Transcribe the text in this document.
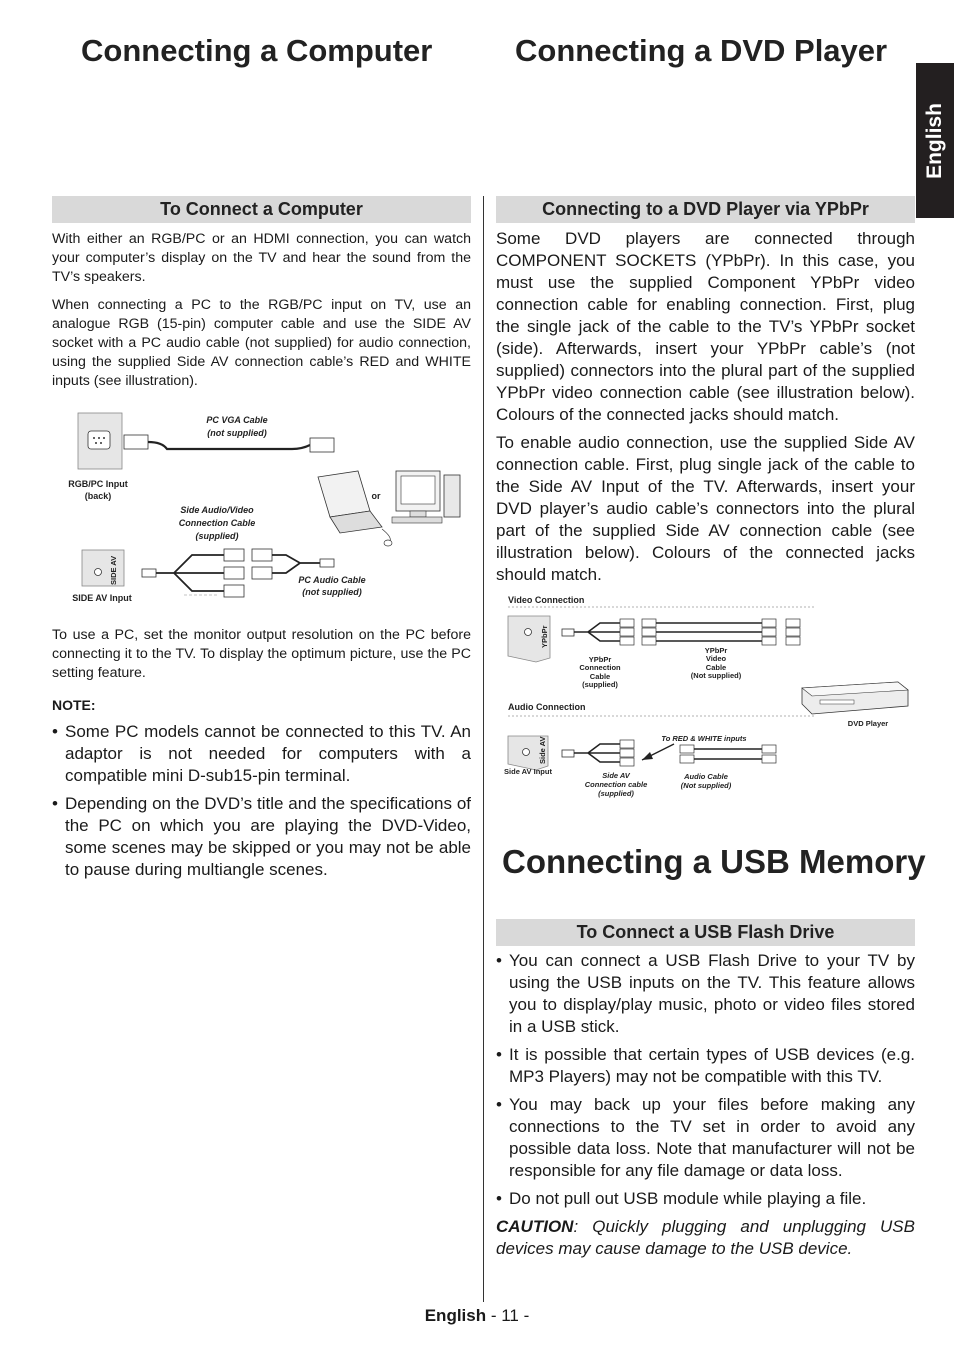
Connecting a Computer	Connecting a DVD Player
English
To Connect a Computer

With either an RGB/PC or an HDMI connection, you can watch your computer’s display on the TV and hear the sound from the TV’s speakers.

When connecting a PC to the RGB/PC input on TV, use an analogue RGB (15-pin) computer cable and use the SIDE AV socket with a PC audio cable (not supplied) for audio connection, using the supplied Side AV connection cable’s RED and WHITE inputs (see illustration).

PC VGA Cable
(not supplied)
RGB/PC Input
(back)	or
SIDE AV
SIDE AV Input
Side Audio/Video
Connection Cable
(supplied)
PC Audio Cable
(not supplied)

To use a PC, set the monitor output resolution on the PC before connecting it to the TV. To display the optimum picture, use the PC setting feature.

NOTE:
• Some PC models cannot be connected to this TV. An adaptor is not needed for computers with a compatible mini D-sub15-pin terminal.
• Depending on the DVD’s title and the specifications of the PC on which you are playing the DVD-Video, some scenes may be skipped or you may not be able to pause during multiangle scenes.
Connecting to a DVD Player via YPbPr

Some DVD players are connected through COMPONENT SOCKETS (YPbPr). In this case, you must use the supplied Component YPbPr video connection cable for enabling connection. First, plug the single jack of the cable to the TV’s YPbPr socket (side). Afterwards, insert your YPbPr cable’s (not supplied) connectors into the plural part of the supplied YPbPr video connection cable (see illustration below). Colours of the connected jacks should match.

To enable audio connection, use the supplied Side AV connection cable. First, plug single jack of the cable to the Side AV Input of the TV. Afterwards, insert your DVD player’s audio cable’s connectors into the plural part of the supplied Side AV connection cable (see illustration below). Colours of the connected jacks should match.

Video Connection
YPbPr
YPbPr
Connection
Cable
(supplied)
YPbPr
Video
Cable
(Not supplied)
DVD Player
Audio Connection
Side AV
Side AV Input
To RED & WHITE inputs
Side AV
Connection cable
(supplied)
Audio Cable
(Not supplied)
Connecting a USB Memory
To Connect a USB Flash Drive
• You can connect a USB Flash Drive to your TV by using the USB inputs on the TV. This feature allows you to display/play music, photo or video files stored in a USB stick.
• It is possible that certain types of USB devices (e.g. MP3 Players) may not be compatible with this TV.
• You may back up your files before making any connections to the TV set in order to avoid any possible data loss. Note that manufacturer will not be responsible for any file damage or data loss.
• Do not pull out USB module while playing a file.

CAUTION: Quickly plugging and unplugging USB devices may cause damage to the USB device.

English - 11 -
